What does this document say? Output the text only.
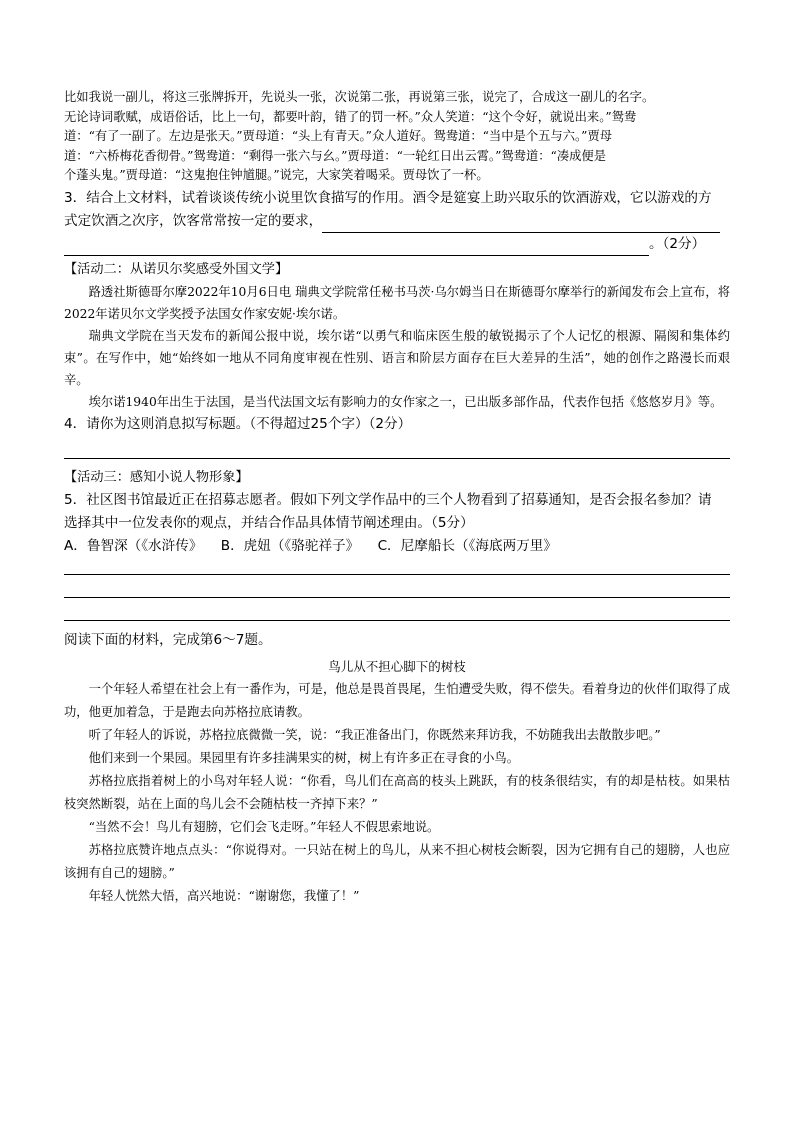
比如我说一副儿，将这三张牌拆开，先说头一张，次说第二张，再说第三张，说完了，合成这一副儿的名字。

无论诗词歌赋，成语俗话，比上一句，都要叶韵，错了的罚一杯。”众人笑道：“这个令好，就说出来。”鸳鸯

道：“有了一副了。左边是张天。”贾母道：“头上有青天。”众人道好。鸳鸯道：“当中是个五与六。”贾母

道：“六桥梅花香彻骨。”鸳鸯道：“剩得一张六与幺。”贾母道：“一轮红日出云霄。”鸳鸯道：“凑成便是

个蓬头鬼。”贾母道：“这鬼抱住钟馗腿。”说完，大家笑着喝采。贾母饮了一杯。

3．结合上文材料，试着谈谈传统小说里饮食描写的作用。酒令是筵宴上助兴取乐的饮酒游戏，它以游戏的方

式定饮酒之次序，饮客常常按一定的要求，

。（2分）

【活动二：从诺贝尔奖感受外国文学】

路透社斯德哥尔摩2022年10月6日电 瑞典文学院常任秘书马茨·乌尔姆当日在斯德哥尔摩举行的新闻发布会上宣布，将2022年诺贝尔文学奖授予法国女作家安妮·埃尔诺。

瑞典文学院在当天发布的新闻公报中说，埃尔诺“以勇气和临床医生般的敏锐揭示了个人记忆的根源、隔阂和集体约束”。在写作中，她“始终如一地从不同角度审视在性别、语言和阶层方面存在巨大差异的生活”，她的创作之路漫长而艰辛。

埃尔诺1940年出生于法国，是当代法国文坛有影响力的女作家之一，已出版多部作品，代表作包括《悠悠岁月》等。

4．请你为这则消息拟写标题。（不得超过25个字）（2分）

【活动三：感知小说人物形象】

5．社区图书馆最近正在招募志愿者。假如下列文学作品中的三个人物看到了招募通知，是否会报名参加？请

选择其中一位发表你的观点，并结合作品具体情节阐述理由。（5分）

A．鲁智深（《水浒传》 B．虎妞（《骆驼祥子》 C．尼摩船长（《海底两万里》

阅读下面的材料，完成第6～7题。

鸟儿从不担心脚下的树枝

一个年轻人希望在社会上有一番作为，可是，他总是畏首畏尾，生怕遭受失败，得不偿失。看着身边的伙伴们取得了成功，他更加着急，于是跑去向苏格拉底请教。

听了年轻人的诉说，苏格拉底微微一笑，说：“我正准备出门，你既然来拜访我，不妨随我出去散散步吧。”

他们来到一个果园。果园里有许多挂满果实的树，树上有许多正在寻食的小鸟。

苏格拉底指着树上的小鸟对年轻人说：“你看，鸟儿们在高高的枝头上跳跃，有的枝条很结实，有的却是枯枝。如果枯枝突然断裂，站在上面的鸟儿会不会随枯枝一齐掉下来？”

“当然不会！鸟儿有翅膀，它们会飞走呀。”年轻人不假思索地说。

苏格拉底赞许地点点头：“你说得对。一只站在树上的鸟儿，从来不担心树枝会断裂，因为它拥有自己的翅膀，人也应该拥有自己的翅膀。”

年轻人恍然大悟，高兴地说：“谢谢您，我懂了！”
